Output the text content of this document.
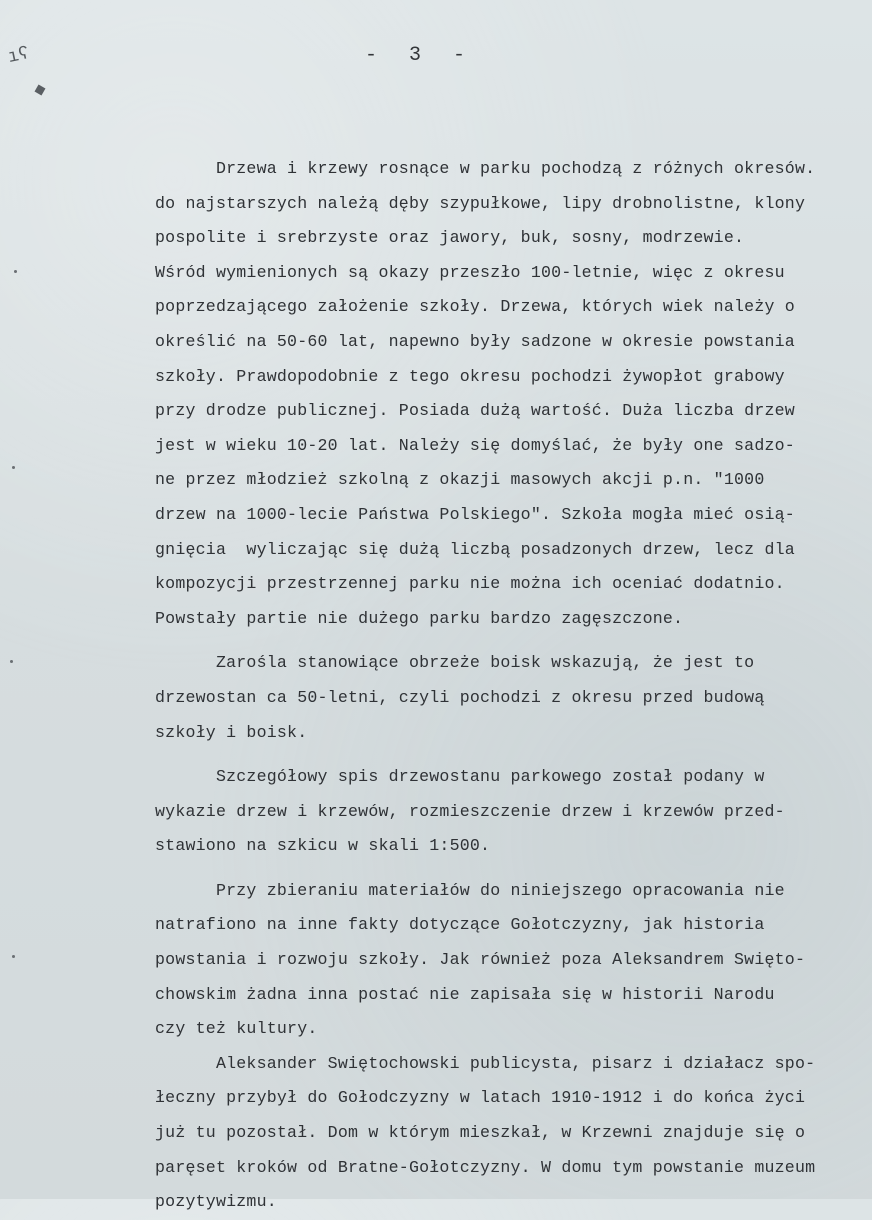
ıʕ	- 3 -
Drzewa i krzewy rosnące w parku pochodzą z różnych okresów.
do najstarszych należą dęby szypułkowe, lipy drobnolistne, klony
pospolite i srebrzyste oraz jawory, buk, sosny, modrzewie.
Wśród wymienionych są okazy przeszło 100-letnie, więc z okresu
poprzedzającego założenie szkoły. Drzewa, których wiek należy o
określić na 50-60 lat, napewno były sadzone w okresie powstania
szkoły. Prawdopodobnie z tego okresu pochodzi żywopłot grabowy
przy drodze publicznej. Posiada dużą wartość. Duża liczba drzew
jest w wieku 10-20 lat. Należy się domyślać, że były one sadzo-
ne przez młodzież szkolną z okazji masowych akcji p.n. "1000
drzew na 1000-lecie Państwa Polskiego". Szkoła mogła mieć osią-
gnięcia  wyliczając się dużą liczbą posadzonych drzew, lecz dla
kompozycji przestrzennej parku nie można ich oceniać dodatnio.
Powstały partie nie dużego parku bardzo zagęszczone.
Zarośla stanowiące obrzeże boisk wskazują, że jest to
drzewostan ca 50-letni, czyli pochodzi z okresu przed budową
szkoły i boisk.
Szczegółowy spis drzewostanu parkowego został podany w
wykazie drzew i krzewów, rozmieszczenie drzew i krzewów przed-
stawiono na szkicu w skali 1:500.
Przy zbieraniu materiałów do niniejszego opracowania nie
natrafiono na inne fakty dotyczące Gołotczyzny, jak historia
powstania i rozwoju szkoły. Jak również poza Aleksandrem Swięto-
chowskim żadna inna postać nie zapisała się w historii Narodu
czy też kultury.
Aleksander Swiętochowski publicysta, pisarz i działacz spo-
łeczny przybył do Gołodczyzny w latach 1910-1912 i do końca życi
już tu pozostał. Dom w którym mieszkał, w Krzewni znajduje się o
paręset kroków od Bratne-Gołotczyzny. W domu tym powstanie muzeum
pozytywizmu.
